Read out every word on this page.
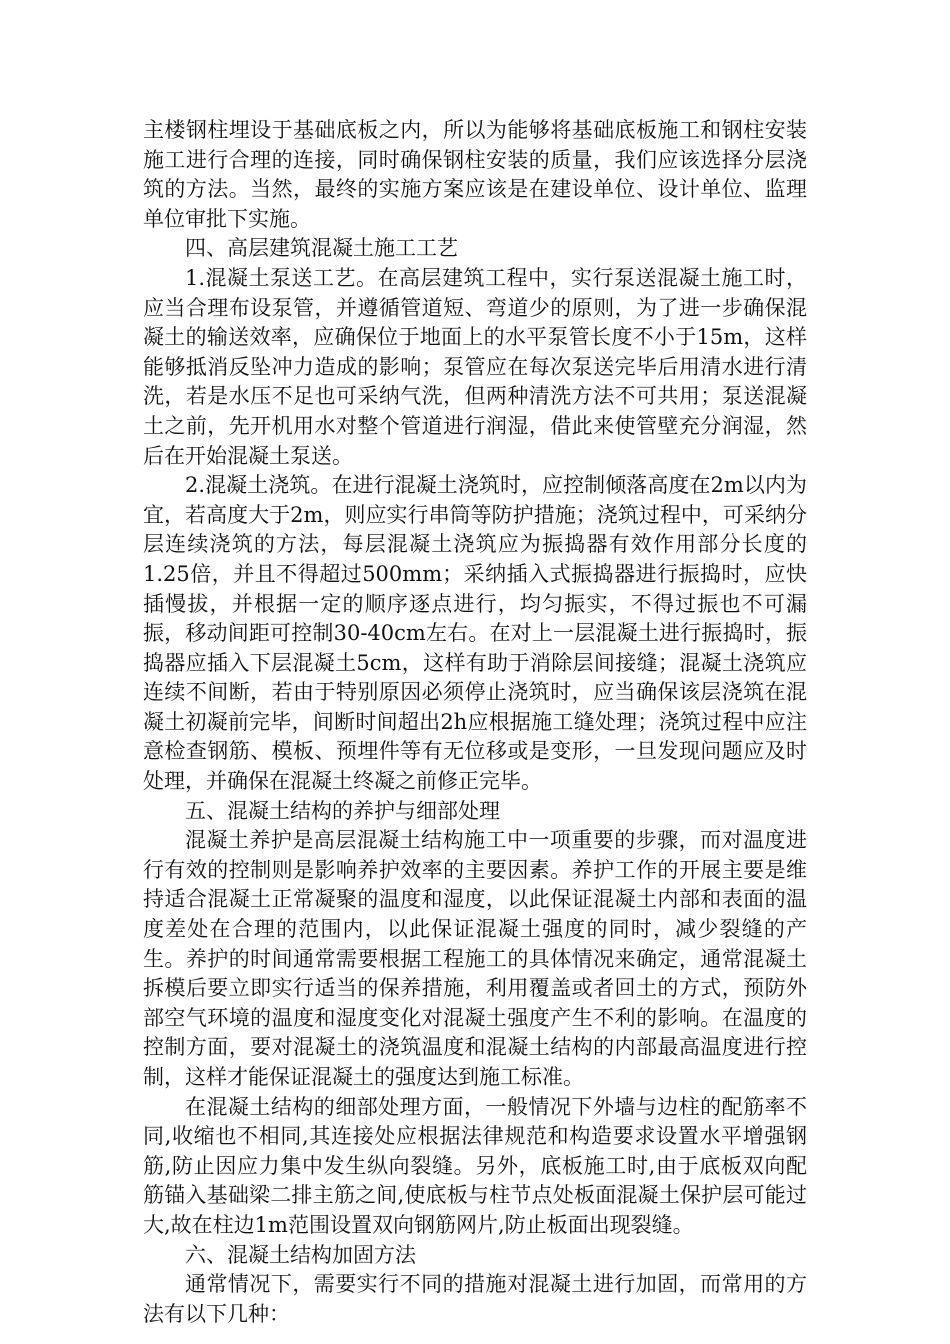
主楼钢柱埋设于基础底板之内，所以为能够将基础底板施工和钢柱安装施工进行合理的连接，同时确保钢柱安装的质量，我们应该选择分层浇筑的方法。当然，最终的实施方案应该是在建设单位、设计单位、监理单位审批下实施。

四、高层建筑混凝土施工工艺

1.混凝土泵送工艺。在高层建筑工程中，实行泵送混凝土施工时，应当合理布设泵管，并遵循管道短、弯道少的原则，为了进一步确保混凝土的输送效率，应确保位于地面上的水平泵管长度不小于15m，这样能够抵消反坠冲力造成的影响；泵管应在每次泵送完毕后用清水进行清洗，若是水压不足也可采纳气洗，但两种清洗方法不可共用；泵送混凝土之前，先开机用水对整个管道进行润湿，借此来使管壁充分润湿，然后在开始混凝土泵送。

2.混凝土浇筑。在进行混凝土浇筑时，应控制倾落高度在2m以内为宜，若高度大于2m，则应实行串筒等防护措施；浇筑过程中，可采纳分层连续浇筑的方法，每层混凝土浇筑应为振捣器有效作用部分长度的1.25倍，并且不得超过500mm；采纳插入式振捣器进行振捣时，应快插慢拔，并根据一定的顺序逐点进行，均匀振实，不得过振也不可漏振，移动间距可控制30-40cm左右。在对上一层混凝土进行振捣时，振捣器应插入下层混凝土5cm，这样有助于消除层间接缝；混凝土浇筑应连续不间断，若由于特别原因必须停止浇筑时，应当确保该层浇筑在混凝土初凝前完毕，间断时间超出2h应根据施工缝处理；浇筑过程中应注意检查钢筋、模板、预埋件等有无位移或是变形，一旦发现问题应及时处理，并确保在混凝土终凝之前修正完毕。

五、混凝土结构的养护与细部处理

混凝土养护是高层混凝土结构施工中一项重要的步骤，而对温度进行有效的控制则是影响养护效率的主要因素。养护工作的开展主要是维持适合混凝土正常凝聚的温度和湿度，以此保证混凝土内部和表面的温度差处在合理的范围内，以此保证混凝土强度的同时，减少裂缝的产生。养护的时间通常需要根据工程施工的具体情况来确定，通常混凝土拆模后要立即实行适当的保养措施，利用覆盖或者回土的方式，预防外部空气环境的温度和湿度变化对混凝土强度产生不利的影响。在温度的控制方面，要对混凝土的浇筑温度和混凝土结构的内部最高温度进行控制，这样才能保证混凝土的强度达到施工标准。

在混凝土结构的细部处理方面，一般情况下外墙与边柱的配筋率不同,收缩也不相同,其连接处应根据法律规范和构造要求设置水平增强钢筋,防止因应力集中发生纵向裂缝。另外，底板施工时,由于底板双向配筋锚入基础梁二排主筋之间,使底板与柱节点处板面混凝土保护层可能过大,故在柱边1m范围设置双向钢筋网片,防止板面出现裂缝。

六、混凝土结构加固方法

通常情况下，需要实行不同的措施对混凝土进行加固，而常用的方法有以下几种：
